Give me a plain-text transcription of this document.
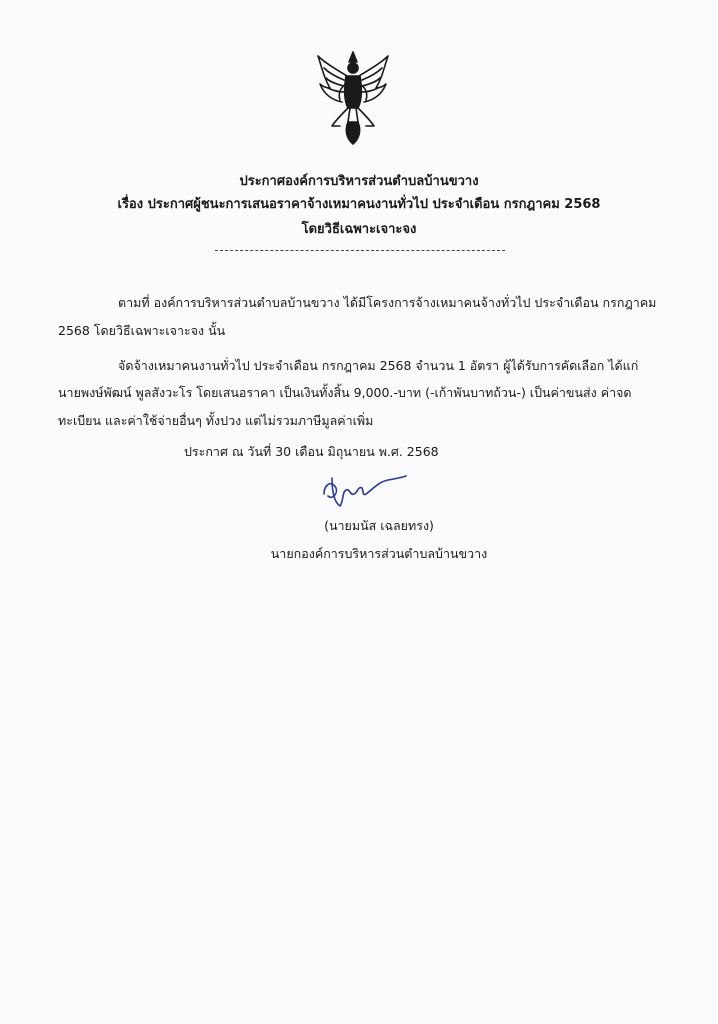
ประกาศองค์การบริหารส่วนตำบลบ้านขวาง
เรื่อง ประกาศผู้ชนะการเสนอราคาจ้างเหมาคนงานทั่วไป ประจำเดือน กรกฎาคม 2568
โดยวิธีเฉพาะเจาะจง
ตามที่ องค์การบริหารส่วนตำบลบ้านขวาง ได้มีโครงการจ้างเหมาคนจ้างทั่วไป ประจำเดือน กรกฎาคม
2568 โดยวิธีเฉพาะเจาะจง นั้น
จัดจ้างเหมาคนงานทั่วไป ประจำเดือน กรกฎาคม 2568 จำนวน 1 อัตรา ผู้ได้รับการคัดเลือก ได้แก่
นายพงษ์พัฒน์ พูลสังวะโร โดยเสนอราคา เป็นเงินทั้งสิ้น 9,000.-บาท (-เก้าพันบาทถ้วน-) เป็นค่าขนส่ง ค่าจด
ทะเบียน และค่าใช้จ่ายอื่นๆ ทั้งปวง แต่ไม่รวมภาษีมูลค่าเพิ่ม
ประกาศ ณ วันที่ 30 เดือน มิถุนายน พ.ศ. 2568
(นายมนัส เฉลยทรง)
นายกองค์การบริหารส่วนตำบลบ้านขวาง
